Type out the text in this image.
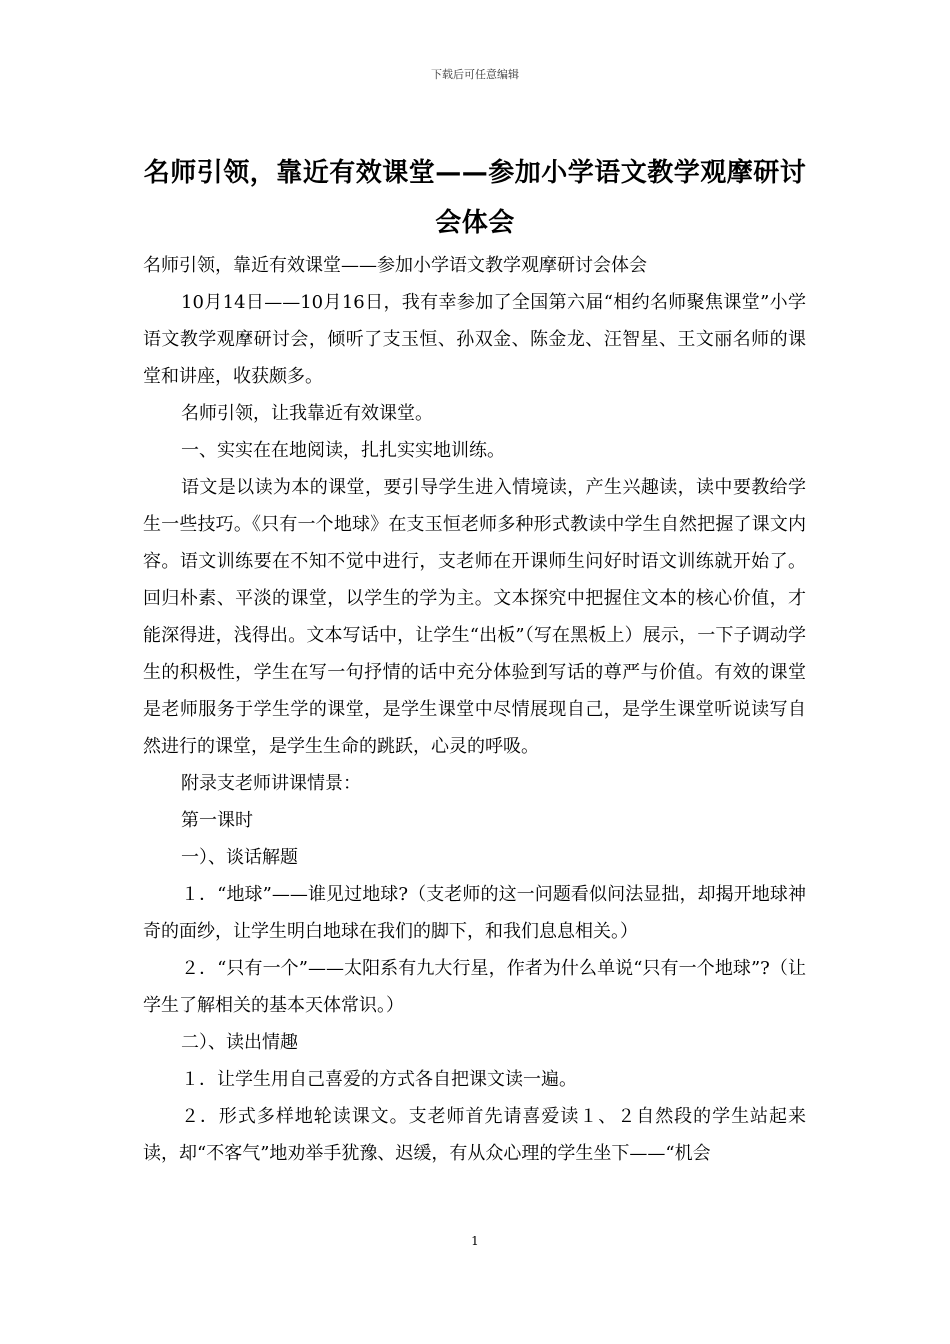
下载后可任意编辑
名师引领，靠近有效课堂——参加小学语文教学观摩研讨
会体会

名师引领，靠近有效课堂——参加小学语文教学观摩研讨会体会

10月14日——10月16日，我有幸参加了全国第六届“相约名师聚焦课堂”小学语文教学观摩研讨会，倾听了支玉恒、孙双金、陈金龙、汪智星、王文丽名师的课堂和讲座，收获颇多。

名师引领，让我靠近有效课堂。

一、实实在在地阅读，扎扎实实地训练。

语文是以读为本的课堂，要引导学生进入情境读，产生兴趣读，读中要教给学生一些技巧。《只有一个地球》在支玉恒老师多种形式教读中学生自然把握了课文内容。语文训练要在不知不觉中进行，支老师在开课师生问好时语文训练就开始了。回归朴素、平淡的课堂，以学生的学为主。文本探究中把握住文本的核心价值，才能深得进，浅得出。文本写话中，让学生“出板”（写在黑板上）展示，一下子调动学生的积极性，学生在写一句抒情的话中充分体验到写话的尊严与价值。有效的课堂是老师服务于学生学的课堂，是学生课堂中尽情展现自己，是学生课堂听说读写自然进行的课堂，是学生生命的跳跃，心灵的呼吸。

附录支老师讲课情景：

第一课时

一）、谈话解题

１．“地球”——谁见过地球?（支老师的这一问题看似问法显拙，却揭开地球神奇的面纱，让学生明白地球在我们的脚下，和我们息息相关。）

２．“只有一个”——太阳系有九大行星，作者为什么单说“只有一个地球”?（让学生了解相关的基本天体常识。）

二）、读出情趣

１．让学生用自己喜爱的方式各自把课文读一遍。

２．形式多样地轮读课文。支老师首先请喜爱读１、２自然段的学生站起来读，却“不客气”地劝举手犹豫、迟缓，有从众心理的学生坐下——“机会

1
